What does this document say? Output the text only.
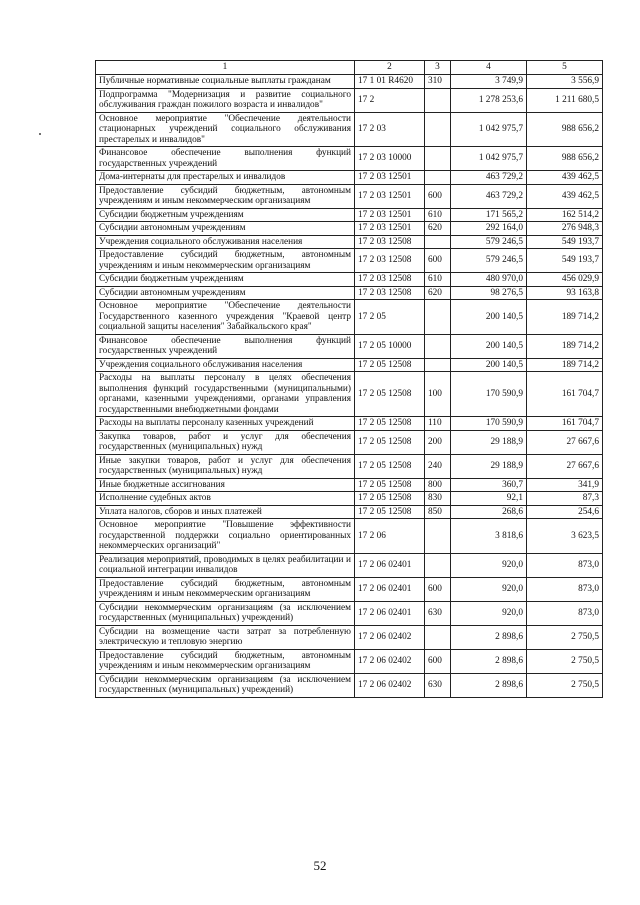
1	2	3	4	5
Публичные нормативные социальные выплаты гражданам	17 1 01 R4620	310	3 749,9	3 556,9
Подпрограмма "Модернизация и развитие социального обслуживания граждан пожилого возраста и инвалидов"	17 2		1 278 253,6	1 211 680,5
Основное мероприятие "Обеспечение деятельности стационарных учреждений социального обслуживания престарелых и инвалидов"	17 2 03		1 042 975,7	988 656,2
Финансовое обеспечение выполнения функций государственных учреждений	17 2 03 10000		1 042 975,7	988 656,2
Дома-интернаты для престарелых и инвалидов	17 2 03 12501		463 729,2	439 462,5
Предоставление субсидий бюджетным, автономным учреждениям и иным некоммерческим организациям	17 2 03 12501	600	463 729,2	439 462,5
Субсидии бюджетным учреждениям	17 2 03 12501	610	171 565,2	162 514,2
Субсидии автономным учреждениям	17 2 03 12501	620	292 164,0	276 948,3
Учреждения социального обслуживания населения	17 2 03 12508		579 246,5	549 193,7
Предоставление субсидий бюджетным, автономным учреждениям и иным некоммерческим организациям	17 2 03 12508	600	579 246,5	549 193,7
Субсидии бюджетным учреждениям	17 2 03 12508	610	480 970,0	456 029,9
Субсидии автономным учреждениям	17 2 03 12508	620	98 276,5	93 163,8
Основное мероприятие "Обеспечение деятельности Государственного казенного учреждения "Краевой центр социальной защиты населения" Забайкальского края"	17 2 05		200 140,5	189 714,2
Финансовое обеспечение выполнения функций государственных учреждений	17 2 05 10000		200 140,5	189 714,2
Учреждения социального обслуживания населения	17 2 05 12508		200 140,5	189 714,2
Расходы на выплаты персоналу в целях обеспечения выполнения функций государственными (муниципальными) органами, казенными учреждениями, органами управления государственными внебюджетными фондами	17 2 05 12508	100	170 590,9	161 704,7
Расходы на выплаты персоналу казенных учреждений	17 2 05 12508	110	170 590,9	161 704,7
Закупка товаров, работ и услуг для обеспечения государственных (муниципальных) нужд	17 2 05 12508	200	29 188,9	27 667,6
Иные закупки товаров, работ и услуг для обеспечения государственных (муниципальных) нужд	17 2 05 12508	240	29 188,9	27 667,6
Иные бюджетные ассигнования	17 2 05 12508	800	360,7	341,9
Исполнение судебных актов	17 2 05 12508	830	92,1	87,3
Уплата налогов, сборов и иных платежей	17 2 05 12508	850	268,6	254,6
Основное мероприятие "Повышение эффективности государственной поддержки социально ориентированных некоммерческих организаций"	17 2 06		3 818,6	3 623,5
Реализация мероприятий, проводимых в целях реабилитации и социальной интеграции инвалидов	17 2 06 02401		920,0	873,0
Предоставление субсидий бюджетным, автономным учреждениям и иным некоммерческим организациям	17 2 06 02401	600	920,0	873,0
Субсидии некоммерческим организациям (за исключением государственных (муниципальных) учреждений)	17 2 06 02401	630	920,0	873,0
Субсидии на возмещение части затрат за потребленную электрическую и тепловую энергию	17 2 06 02402		2 898,6	2 750,5
Предоставление субсидий бюджетным, автономным учреждениям и иным некоммерческим организациям	17 2 06 02402	600	2 898,6	2 750,5
Субсидии некоммерческим организациям (за исключением государственных (муниципальных) учреждений)	17 2 06 02402	630	2 898,6	2 750,5
52
